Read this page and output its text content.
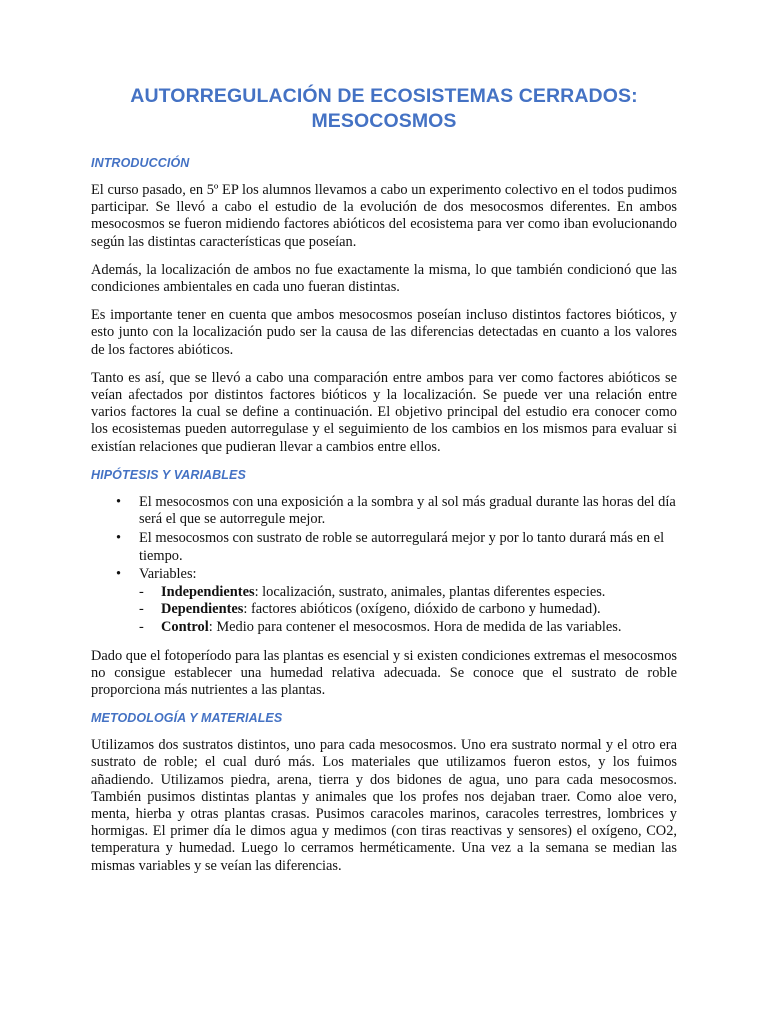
AUTORREGULACIÓN DE ECOSISTEMAS CERRADOS:
MESOCOSMOS
INTRODUCCIÓN

El curso pasado, en 5º EP los alumnos llevamos a cabo un experimento colectivo en el todos pudimos participar. Se llevó a cabo el estudio de la evolución de dos mesocosmos diferentes. En ambos mesocosmos se fueron midiendo factores abióticos del ecosistema para ver como iban evolucionando según las distintas características que poseían.

Además, la localización de ambos no fue exactamente la misma, lo que también condicionó que las condiciones ambientales en cada uno fueran distintas.

Es importante tener en cuenta que ambos mesocosmos poseían incluso distintos factores bióticos, y esto junto con la localización pudo ser la causa de las diferencias detectadas en cuanto a los valores de los factores abióticos.

Tanto es así, que se llevó a cabo una comparación entre ambos para ver como factores abióticos se veían afectados por distintos factores bióticos y la localización. Se puede ver una relación entre varios factores la cual se define a continuación. El objetivo principal del estudio era conocer como los ecosistemas pueden autorregulase y el seguimiento de los cambios en los mismos para evaluar si existían relaciones que pudieran llevar a cambios entre ellos.

HIPÓTESIS Y VARIABLES
• El mesocosmos con una exposición a la sombra y al sol más gradual durante las horas del día será el que se autorregule mejor.
• El mesocosmos con sustrato de roble se autorregulará mejor y por lo tanto durará más en el tiempo.
• Variables:
- Independientes: localización, sustrato, animales, plantas diferentes especies.
- Dependientes: factores abióticos (oxígeno, dióxido de carbono y humedad).
- Control: Medio para contener el mesocosmos. Hora de medida de las variables.

Dado que el fotoperíodo para las plantas es esencial y si existen condiciones extremas el mesocosmos no consigue establecer una humedad relativa adecuada. Se conoce que el sustrato de roble proporciona más nutrientes a las plantas.

METODOLOGÍA Y MATERIALES

Utilizamos dos sustratos distintos, uno para cada mesocosmos. Uno era sustrato normal y el otro era sustrato de roble; el cual duró más. Los materiales que utilizamos fueron estos, y los fuimos añadiendo. Utilizamos piedra, arena, tierra y dos bidones de agua, uno para cada mesocosmos. También pusimos distintas plantas y animales que los profes nos dejaban traer. Como aloe vero, menta, hierba y otras plantas crasas. Pusimos caracoles marinos, caracoles terrestres, lombrices y hormigas. El primer día le dimos agua y medimos (con tiras reactivas y sensores) el oxígeno, CO2, temperatura y humedad. Luego lo cerramos herméticamente. Una vez a la semana se median las mismas variables y se veían las diferencias.
